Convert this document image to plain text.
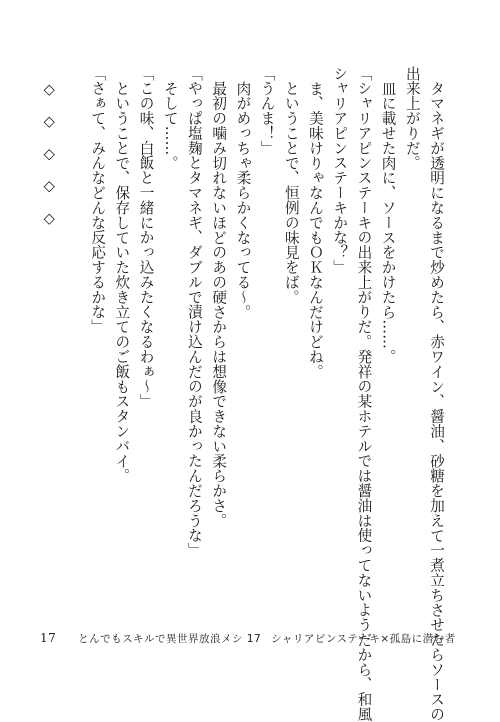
タマネギが透明になるまで炒めたら、赤ワイン、醤油、砂糖を加えて一煮立ちさせたらソースの
出来上がりだ。
皿に載せた肉に、ソースをかけたら……。
「シャリアピンステーキの出来上がりだ。発祥の某ホテルでは醤油は使ってないようだから、和風
シャリアピンステーキかな？」
ま、美味けりゃなんでもＯＫなんだけどね。
ということで、恒例の味見をば。
「うんま！」
肉がめっちゃ柔らかくなってる～。
最初の噛み切れないほどのあの硬さからは想像できない柔らかさ。
「やっぱ塩麹とタマネギ、ダブルで漬け込んだのが良かったんだろうな」
そして……。
「この味、白飯と一緒にかっ込みたくなるわぁ～」
ということで、保存していた炊き立てのご飯もスタンバイ。
「さぁて、みんなどんな反応するかな」
◇　◇　◇　◇　◇
17 とんでもスキルで異世界放浪メシ 17 シャリアピンステーキ×孤島に潜む者
